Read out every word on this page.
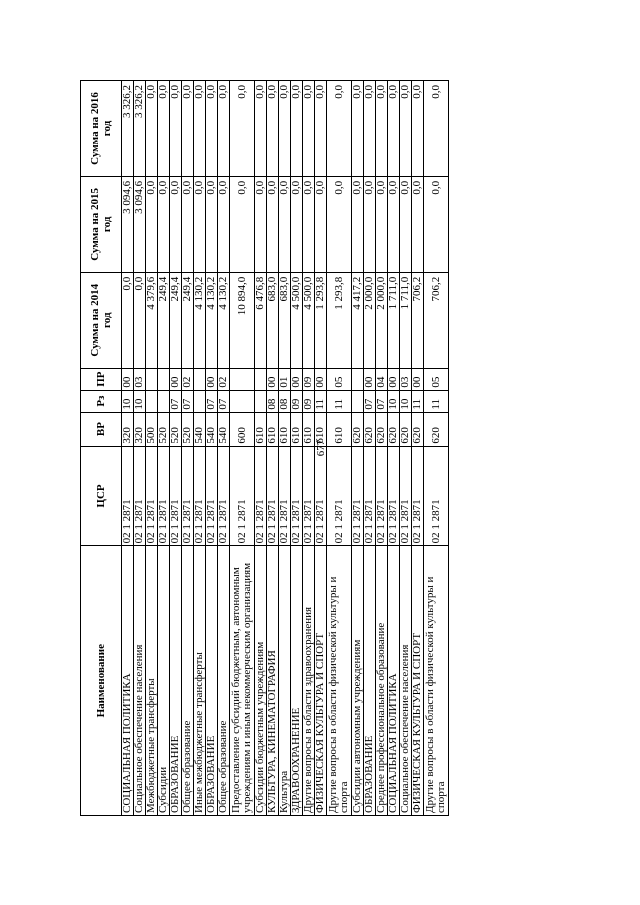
677
Наименование	ЦСР	ВР	Рз	ПР	Сумма на 2014 год	Сумма на 2015 год	Сумма на 2016 год
СОЦИАЛЬНАЯ ПОЛИТИКА	02 1 2871	320	10	00	0,0	3 094,6	3 326,2
Социальное обеспечение населения	02 1 2871	320	10	03	0,0	3 094,6	3 326,2
Межбюджетные трансферты	02 1 2871	500			4 379,6	0,0	0,0
Субсидии	02 1 2871	520			249,4	0,0	0,0
ОБРАЗОВАНИЕ	02 1 2871	520	07	00	249,4	0,0	0,0
Общее образование	02 1 2871	520	07	02	249,4	0,0	0,0
Иные межбюджетные трансферты	02 1 2871	540			4 130,2	0,0	0,0
ОБРАЗОВАНИЕ	02 1 2871	540	07	00	4 130,2	0,0	0,0
Общее образование	02 1 2871	540	07	02	4 130,2	0,0	0,0
Предоставление субсидий бюджетным, автономным учреждениям и иным некоммерческим организациям	02 1 2871	600			10 894,0	0,0	0,0
Субсидии бюджетным учреждениям	02 1 2871	610			6 476,8	0,0	0,0
КУЛЬТУРА, КИНЕМАТОГРАФИЯ	02 1 2871	610	08	00	683,0	0,0	0,0
Культура	02 1 2871	610	08	01	683,0	0,0	0,0
ЗДРАВООХРАНЕНИЕ	02 1 2871	610	09	00	4 500,0	0,0	0,0
Другие вопросы в области здравоохранения	02 1 2871	610	09	09	4 500,0	0,0	0,0
ФИЗИЧЕСКАЯ КУЛЬТУРА И СПОРТ	02 1 2871	610	11	00	1 293,8	0,0	0,0
Другие вопросы в области физической культуры и спорта	02 1 2871	610	11	05	1 293,8	0,0	0,0
Субсидии автономным учреждениям	02 1 2871	620			4 417,2	0,0	0,0
ОБРАЗОВАНИЕ	02 1 2871	620	07	00	2 000,0	0,0	0,0
Среднее профессиональное образование	02 1 2871	620	07	04	2 000,0	0,0	0,0
СОЦИАЛЬНАЯ ПОЛИТИКА	02 1 2871	620	10	00	1 711,0	0,0	0,0
Социальное обеспечение населения	02 1 2871	620	10	03	1 711,0	0,0	0,0
ФИЗИЧЕСКАЯ КУЛЬТУРА И СПОРТ	02 1 2871	620	11	00	706,2	0,0	0,0
Другие вопросы в области физической культуры и спорта	02 1 2871	620	11	05	706,2	0,0	0,0
